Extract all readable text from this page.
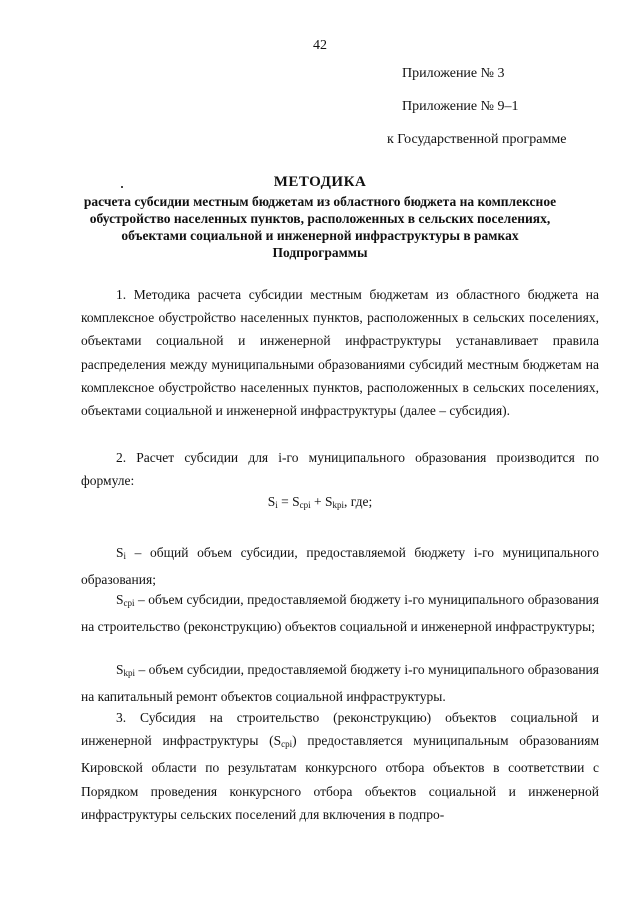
42
Приложение № 3
Приложение № 9–1
к Государственной программе
МЕТОДИКА
расчета субсидии местным бюджетам из областного бюджета на комплексное обустройство населенных пунктов, расположенных в сельских поселениях, объектами социальной и инженерной инфраструктуры в рамках Подпрограммы
1. Методика расчета субсидии местным бюджетам из областного бюджета на комплексное обустройство населенных пунктов, расположенных в сельских поселениях, объектами социальной и инженерной инфраструктуры устанавливает правила распределения между муниципальными образованиями субсидий местным бюджетам на комплексное обустройство населенных пунктов, расположенных в сельских поселениях, объектами социальной и инженерной инфраструктуры (далее – субсидия).
2. Расчет субсидии для i-го муниципального образования производится по формуле:
$S_i = S_{cpi} + S_{kpi}$, где;
$S_i$ – общий объем субсидии, предоставляемой бюджету i-го муниципального образования;
$S_{cpi}$ – объем субсидии, предоставляемой бюджету i-го муниципального образования на строительство (реконструкцию) объектов социальной и инженерной инфраструктуры;
$S_{kpi}$ – объем субсидии, предоставляемой бюджету i-го муниципального образования на капитальный ремонт объектов социальной инфраструктуры.
3. Субсидия на строительство (реконструкцию) объектов социальной и инженерной инфраструктуры $(S_{cpi})$ предоставляется муниципальным образованиям Кировской области по результатам конкурсного отбора объектов в соответствии с Порядком проведения конкурсного отбора объектов социальной и инженерной инфраструктуры сельских поселений для включения в подпро-
